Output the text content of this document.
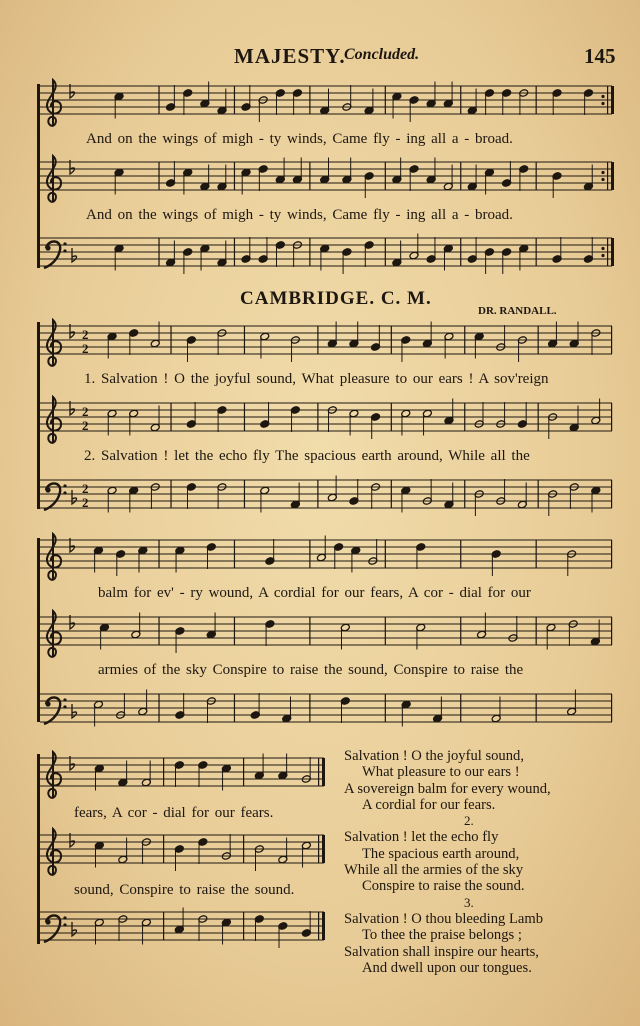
MAJESTY.
Concluded.	145
2
2
2
2
2
2
CAMBRIDGE. C. M.
DR. RANDALL.
And on the wings of migh - ty winds, Came fly - ing all a - broad.
And on the wings of migh - ty winds, Came fly - ing all a - broad.
1. Salvation ! O the joyful sound, What pleasure to our ears ! A sov'reign
2. Salvation ! let the echo fly The spacious earth around, While all the
balm for ev' - ry wound, A cordial for our fears, A cor - dial for our
armies of the sky Conspire to raise the sound, Conspire to raise the
fears, A cor - dial for our fears.
sound, Conspire to raise the sound.
Salvation ! O the joyful sound,
What pleasure to our ears !
A sovereign balm for every wound,
A cordial for our fears.
2.
Salvation ! let the echo fly
The spacious earth around,
While all the armies of the sky
Conspire to raise the sound.
3.
Salvation ! O thou bleeding Lamb
To thee the praise belongs ;
Salvation shall inspire our hearts,
And dwell upon our tongues.
